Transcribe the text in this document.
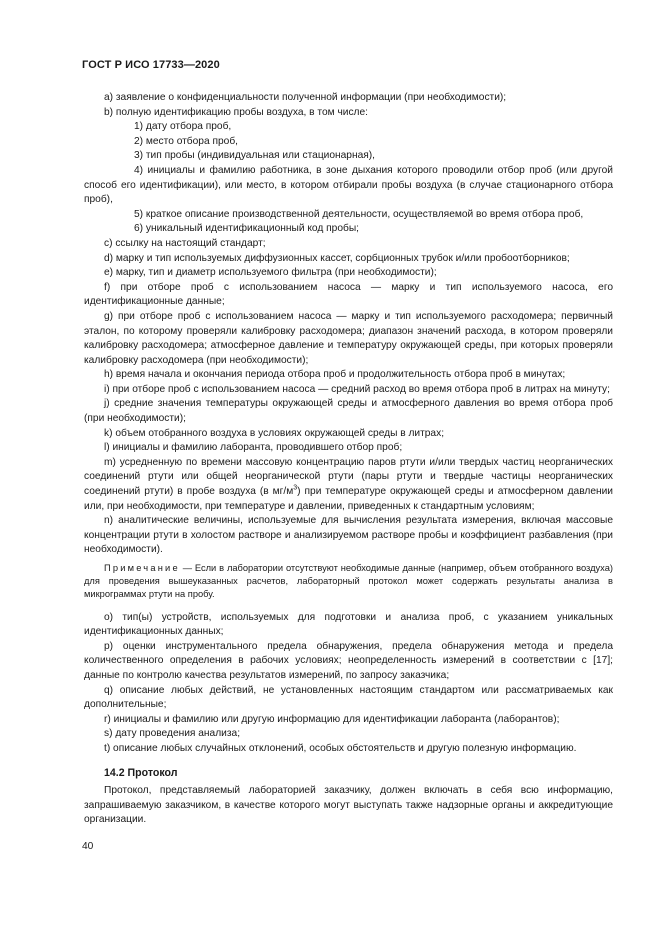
ГОСТ Р ИСО 17733—2020

a) заявление о конфиденциальности полученной информации (при необходимости);

b) полную идентификацию пробы воздуха, в том числе:

1) дату отбора проб,

2) место отбора проб,

3) тип пробы (индивидуальная или стационарная),

4) инициалы и фамилию работника, в зоне дыхания которого проводили отбор проб (или другой способ его идентификации), или место, в котором отбирали пробы воздуха (в случае стационарного отбора проб),

5) краткое описание производственной деятельности, осуществляемой во время отбора проб,

6) уникальный идентификационный код пробы;

c) ссылку на настоящий стандарт;

d) марку и тип используемых диффузионных кассет, сорбционных трубок и/или пробоотборников;

e) марку, тип и диаметр используемого фильтра (при необходимости);

f) при отборе проб с использованием насоса — марку и тип используемого насоса, его идентификационные данные;

g) при отборе проб с использованием насоса — марку и тип используемого расходомера; первичный эталон, по которому проверяли калибровку расходомера; диапазон значений расхода, в котором проверяли калибровку расходомера; атмосферное давление и температуру окружающей среды, при которых проверяли калибровку расходомера (при необходимости);

h) время начала и окончания периода отбора проб и продолжительность отбора проб в минутах;

i) при отборе проб с использованием насоса — средний расход во время отбора проб в литрах на минуту;

j) средние значения температуры окружающей среды и атмосферного давления во время отбора проб (при необходимости);

k) объем отобранного воздуха в условиях окружающей среды в литрах;

l) инициалы и фамилию лаборанта, проводившего отбор проб;

m) усредненную по времени массовую концентрацию паров ртути и/или твердых частиц неорганических соединений ртути или общей неорганической ртути (пары ртути и твердые частицы неорганических соединений ртути) в пробе воздуха (в $мг/м^3$) при температуре окружающей среды и атмосферном давлении или, при необходимости, при температуре и давлении, приведенных к стандартным условиям;

n) аналитические величины, используемые для вычисления результата измерения, включая массовые концентрации ртути в холостом растворе и анализируемом растворе пробы и коэффициент разбавления (при необходимости).

Примечание — Если в лаборатории отсутствуют необходимые данные (например, объем отобранного воздуха) для проведения вышеуказанных расчетов, лабораторный протокол может содержать результаты анализа в микрограммах ртути на пробу.

o) тип(ы) устройств, используемых для подготовки и анализа проб, с указанием уникальных идентификационных данных;

p) оценки инструментального предела обнаружения, предела обнаружения метода и предела количественного определения в рабочих условиях; неопределенность измерений в соответствии с [17]; данные по контролю качества результатов измерений, по запросу заказчика;

q) описание любых действий, не установленных настоящим стандартом или рассматриваемых как дополнительные;

r) инициалы и фамилию или другую информацию для идентификации лаборанта (лаборантов);

s) дату проведения анализа;

t) описание любых случайных отклонений, особых обстоятельств и другую полезную информацию.

14.2 Протокол

Протокол, представляемый лабораторией заказчику, должен включать в себя всю информацию, запрашиваемую заказчиком, в качестве которого могут выступать также надзорные органы и аккредитующие организации.

40
